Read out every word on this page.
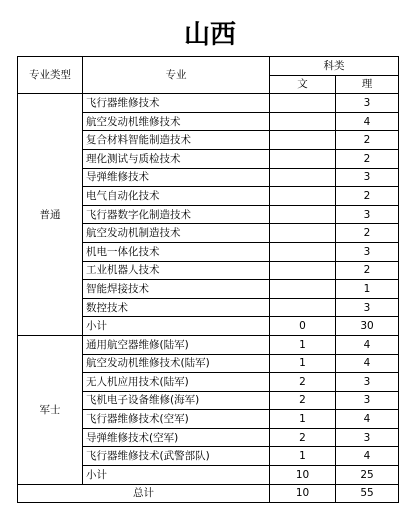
山西
专业类型	专业	科类	
		文	理
普通	飞行器维修技术		3
	航空发动机维修技术		4
	复合材料智能制造技术		2
	理化测试与质检技术		2
	导弹维修技术		3
	电气自动化技术		2
	飞行器数字化制造技术		3
	航空发动机制造技术		2
	机电一体化技术		3
	工业机器人技术		2
	智能焊接技术		1
	数控技术		3
	小计	0	30
军士	通用航空器维修(陆军)	1	4
	航空发动机维修技术(陆军)	1	4
	无人机应用技术(陆军)	2	3
	飞机电子设备维修(海军)	2	3
	飞行器维修技术(空军)	1	4
	导弹维修技术(空军)	2	3
	飞行器维修技术(武警部队)	1	4
	小计	10	25
总计		10	55
